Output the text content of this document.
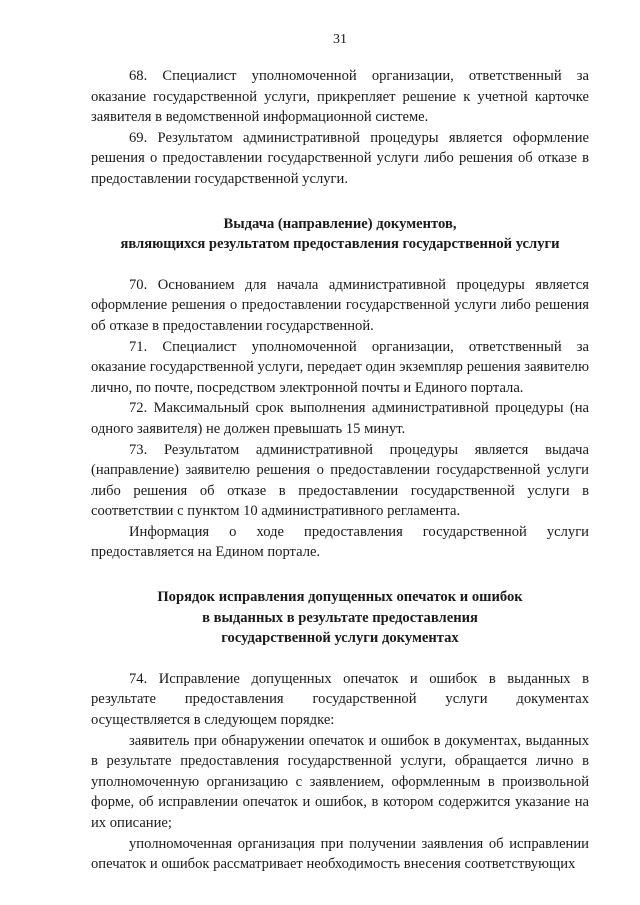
31

68. Специалист уполномоченной организации, ответственный за оказание государственной услуги, прикрепляет решение к учетной карточке заявителя в ведомственной информационной системе.

69. Результатом административной процедуры является оформление решения о предоставлении государственной услуги либо решения об отказе в предоставлении государственной услуги.

Выдача (направление) документов,
являющихся результатом предоставления государственной услуги

70. Основанием для начала административной процедуры является оформление решения о предоставлении государственной услуги либо решения об отказе в предоставлении государственной.

71. Специалист уполномоченной организации, ответственный за оказание государственной услуги, передает один экземпляр решения заявителю лично, по почте, посредством электронной почты и Единого портала.

72. Максимальный срок выполнения административной процедуры (на одного заявителя) не должен превышать 15 минут.

73. Результатом административной процедуры является выдача (направление) заявителю решения о предоставлении государственной услуги либо решения об отказе в предоставлении государственной услуги в соответствии с пунктом 10 административного регламента.

Информация о ходе предоставления государственной услуги предоставляется на Едином портале.

Порядок исправления допущенных опечаток и ошибок
в выданных в результате предоставления
государственной услуги документах

74. Исправление допущенных опечаток и ошибок в выданных в результате предоставления государственной услуги документах осуществляется в следующем порядке:

заявитель при обнаружении опечаток и ошибок в документах, выданных в результате предоставления государственной услуги, обращается лично в уполномоченную организацию с заявлением, оформленным в произвольной форме, об исправлении опечаток и ошибок, в котором содержится указание на их описание;

уполномоченная организация при получении заявления об исправлении опечаток и ошибок рассматривает необходимость внесения соответствующих
